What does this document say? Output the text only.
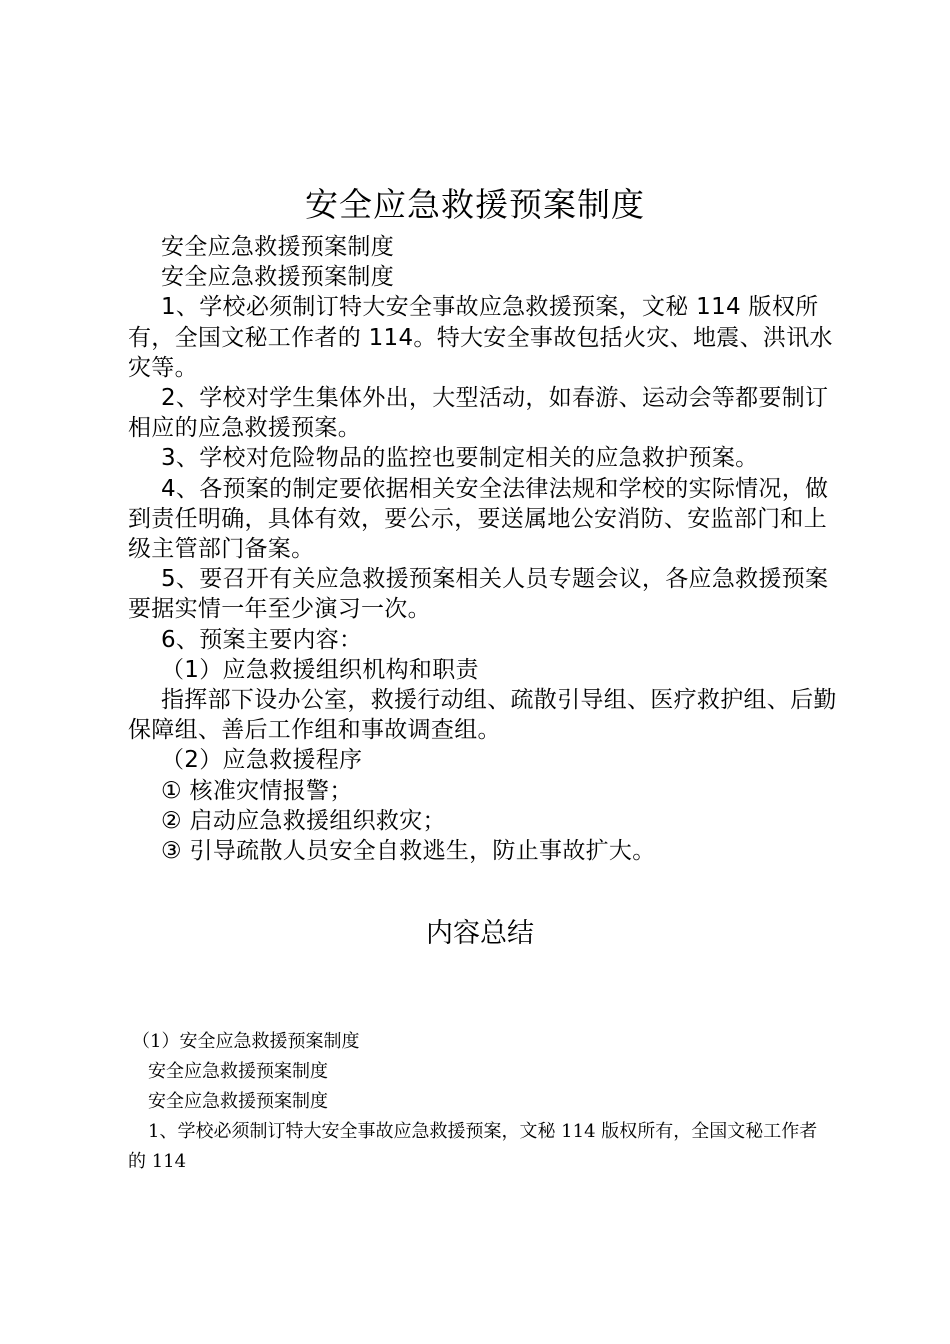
安全应急救援预案制度

安全应急救援预案制度

安全应急救援预案制度

1、学校必须制订特大安全事故应急救援预案，文秘 114 版权所有，全国文秘工作者的 114。特大安全事故包括火灾、地震、洪讯水灾等。

2、学校对学生集体外出，大型活动，如春游、运动会等都要制订相应的应急救援预案。

3、学校对危险物品的监控也要制定相关的应急救护预案。

4、各预案的制定要依据相关安全法律法规和学校的实际情况，做到责任明确，具体有效，要公示，要送属地公安消防、安监部门和上级主管部门备案。

5、要召开有关应急救援预案相关人员专题会议，各应急救援预案要据实情一年至少演习一次。

6、预案主要内容：

（1）应急救援组织机构和职责

指挥部下设办公室，救援行动组、疏散引导组、医疗救护组、后勤保障组、善后工作组和事故调查组。

（2）应急救援程序

① 核准灾情报警；

② 启动应急救援组织救灾；

③ 引导疏散人员安全自救逃生，防止事故扩大。

内容总结

（1）安全应急救援预案制度

安全应急救援预案制度

安全应急救援预案制度

1、学校必须制订特大安全事故应急救援预案，文秘 114 版权所有，全国文秘工作者的 114
